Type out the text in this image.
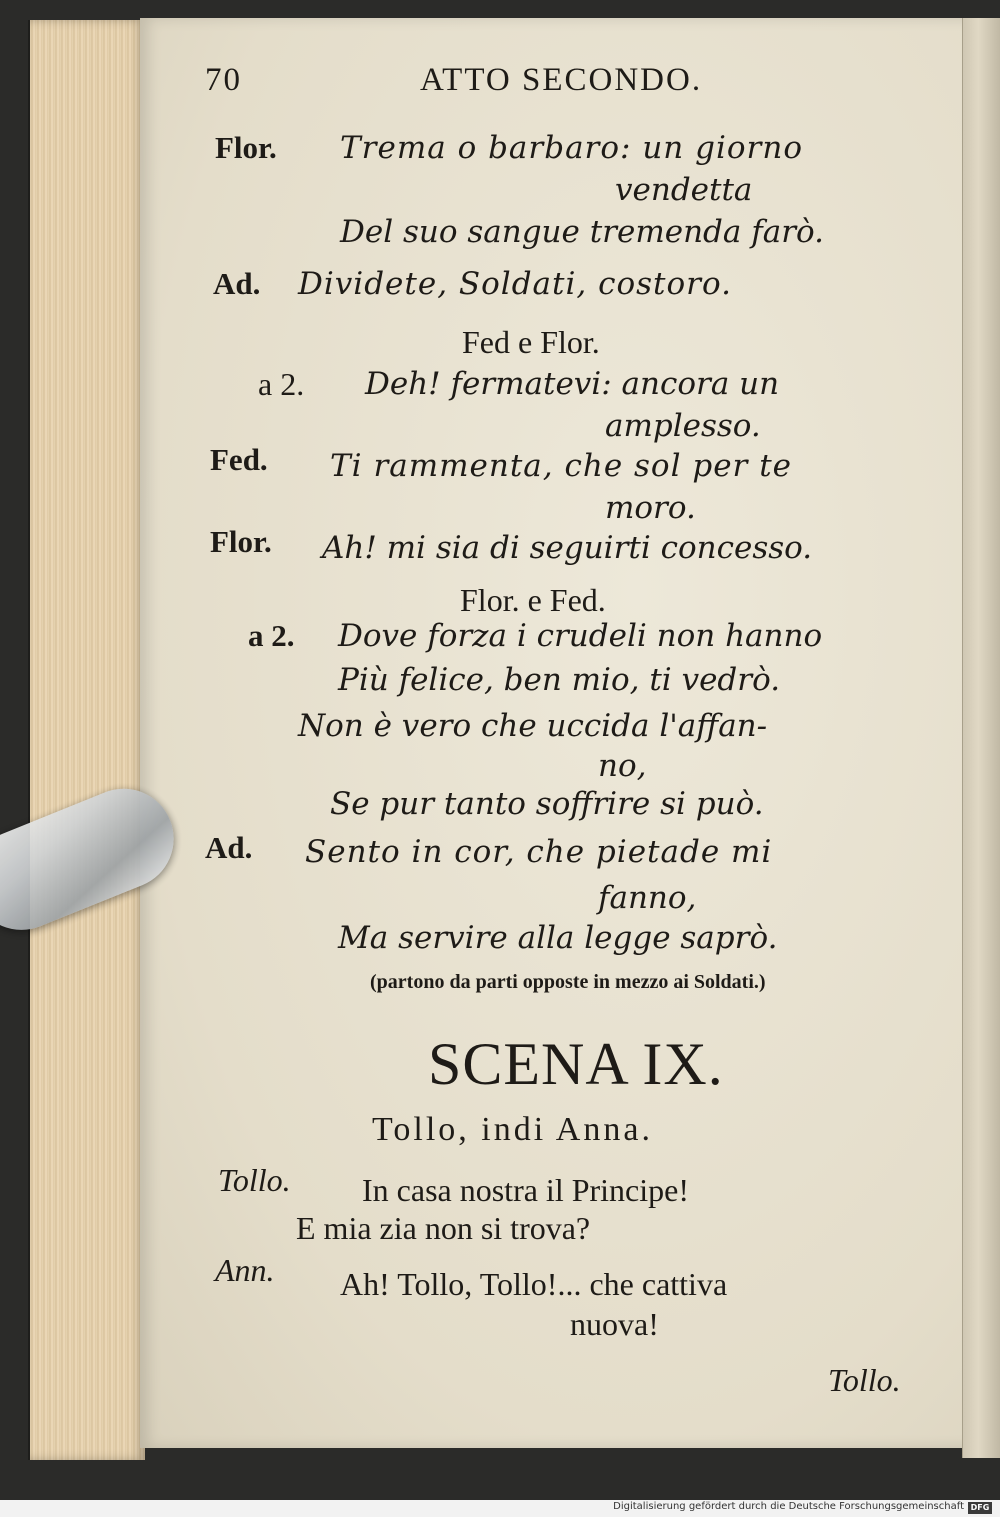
70	ATTO SECONDO.
Flor. Trema o barbaro: un giorno
vendetta
Del suo sangue tremenda farò.
Ad. Dividete, Soldati, costoro.
Fed e Flor.
a 2. Deh! fermatevi: ancora un
amplesso.
Fed. Ti rammenta, che sol per te
moro.
Flor. Ah! mi sia di seguirti concesso.
Flor. e Fed.
a 2. Dove forza i crudeli non hanno
Più felice, ben mio, ti vedrò.
Non è vero che uccida l'affan-
no,
Se pur tanto soffrire si può.
Ad. Sento in cor, che pietade mi
fanno,
Ma servire alla legge saprò.
(partono da parti opposte in mezzo ai Soldati.)
SCENA IX.
Tollo, indi Anna.
Tollo. In casa nostra il Principe!
E mia zia non si trova?
Ann. Ah! Tollo, Tollo!... che cattiva
nuova!
Tollo.
Digitalisierung gefördert durch die Deutsche Forschungsgemeinschaft DFG
